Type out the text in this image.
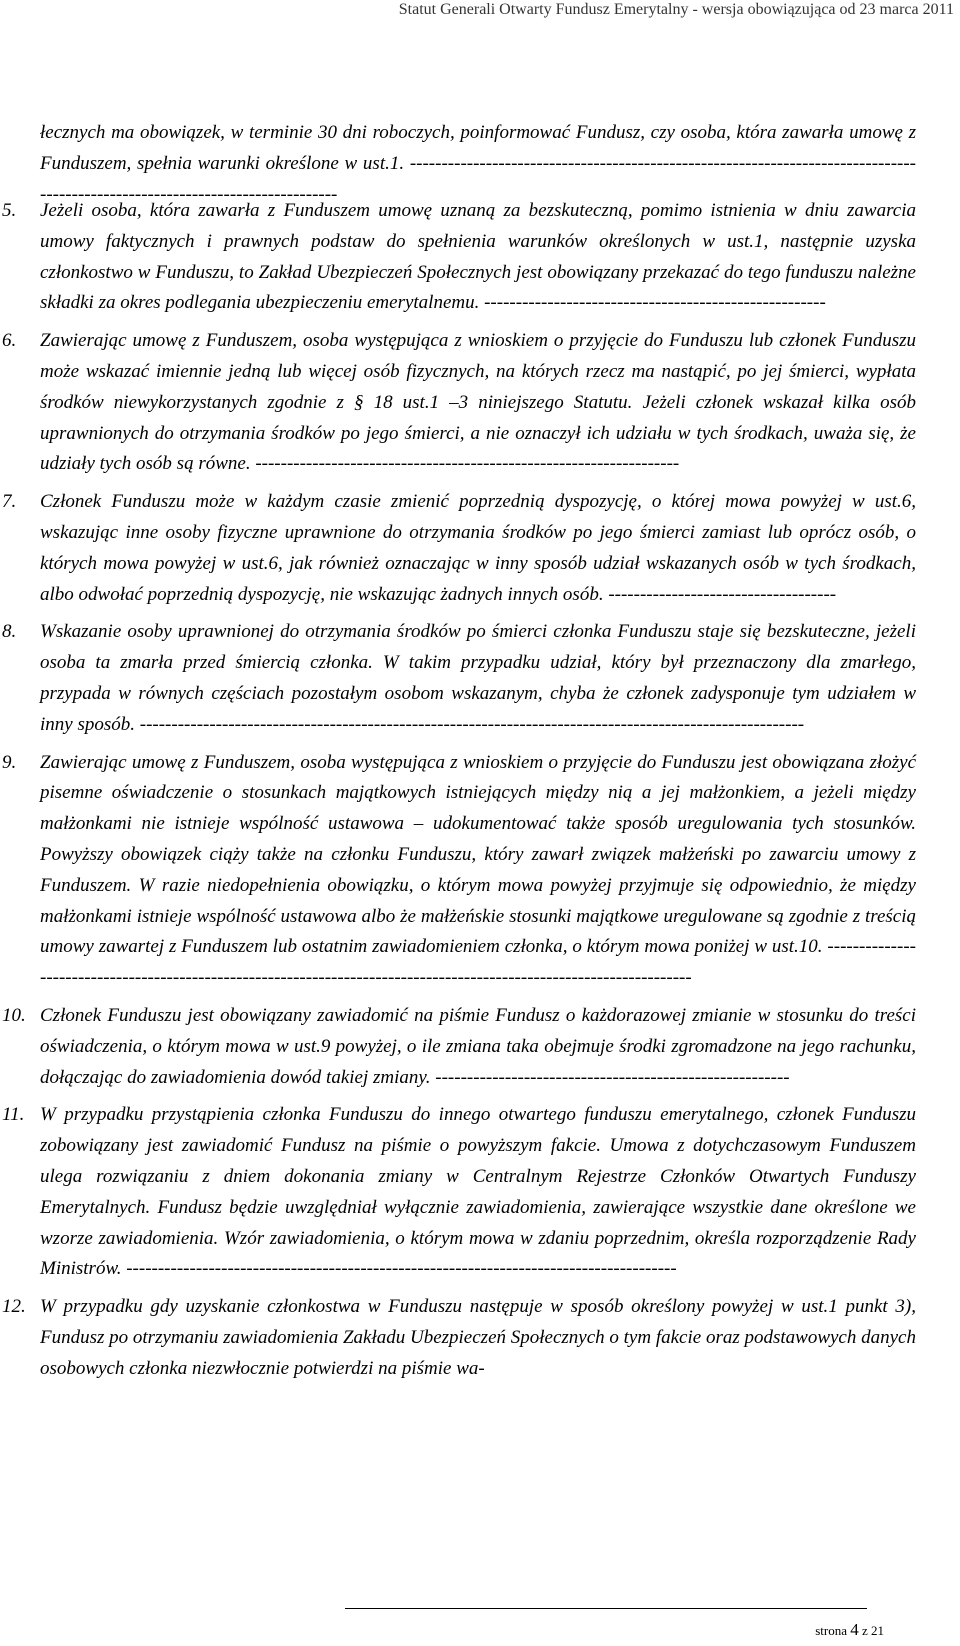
Statut Generali Otwarty Fundusz Emerytalny - wersja obowiązująca od 23 marca 2011
łecznych ma obowiązek, w terminie 30 dni roboczych, poinformować Fundusz, czy osoba, która zawarła umowę z Funduszem, spełnia warunki określone w ust.1. -------------------------------------------------------------------------------------------------------------------------------
5.	Jeżeli osoba, która zawarła z Funduszem umowę uznaną za bezskuteczną, pomimo istnienia w dniu zawarcia umowy faktycznych i prawnych podstaw do spełnienia warunków określonych w ust.1, następnie uzyska członkostwo w Funduszu, to Zakład Ubezpieczeń Społecznych jest obowiązany przekazać do tego funduszu należne składki za okres podlegania ubezpieczeniu emerytalnemu. ------------------------------------------------------
6.	Zawierając umowę z Funduszem, osoba występująca z wnioskiem o przyjęcie do Funduszu lub członek Funduszu może wskazać imiennie jedną lub więcej osób fizycznych, na których rzecz ma nastąpić, po jej śmierci, wypłata środków niewykorzystanych zgodnie z § 18 ust.1 –3 niniejszego Statutu. Jeżeli członek wskazał kilka osób uprawnionych do otrzymania środków po jego śmierci, a nie oznaczył ich udziału w tych środkach, uważa się, że udziały tych osób są równe. -------------------------------------------------------------------
7.	Członek Funduszu może w każdym czasie zmienić poprzednią dyspozycję, o której mowa powyżej w ust.6, wskazując inne osoby fizyczne uprawnione do otrzymania środków po jego śmierci zamiast lub oprócz osób, o których mowa powyżej w ust.6, jak również oznaczając w inny sposób udział wskazanych osób w tych środkach, albo odwołać poprzednią dyspozycję, nie wskazując żadnych innych osób. ------------------------------------
8.	Wskazanie osoby uprawnionej do otrzymania środków po śmierci członka Funduszu staje się bezskuteczne, jeżeli osoba ta zmarła przed śmiercią członka. W takim przypadku udział, który był przeznaczony dla zmarłego, przypada w równych częściach pozostałym osobom wskazanym, chyba że członek zadysponuje tym udziałem w inny sposób. ---------------------------------------------------------------------------------------------------------
9.	Zawierając umowę z Funduszem, osoba występująca z wnioskiem o przyjęcie do Funduszu jest obowiązana złożyć pisemne oświadczenie o stosunkach majątkowych istniejących między nią a jej małżonkiem, a jeżeli między małżonkami nie istnieje wspólność ustawowa – udokumentować także sposób uregulowania tych stosunków. Powyższy obowiązek ciąży także na członku Funduszu, który zawarł związek małżeński po zawarciu umowy z Funduszem. W razie niedopełnienia obowiązku, o którym mowa powyżej przyjmuje się odpowiednio, że między małżonkami istnieje wspólność ustawowa albo że małżeńskie stosunki majątkowe uregulowane są zgodnie z treścią umowy zawartej z Funduszem lub ostatnim zawiadomieniem członka, o którym mowa poniżej w ust.10. ---------------------------------------------------------------------------------------------------------------------
10. Członek Funduszu jest obowiązany zawiadomić na piśmie Fundusz o każdorazowej zmianie w stosunku do treści oświadczenia, o którym mowa w ust.9 powyżej, o ile zmiana taka obejmuje środki zgromadzone na jego rachunku, dołączając do zawiadomienia dowód takiej zmiany. --------------------------------------------------------
11. W przypadku przystąpienia członka Funduszu do innego otwartego funduszu emerytalnego, członek Funduszu zobowiązany jest zawiadomić Fundusz na piśmie o powyższym fakcie. Umowa z dotychczasowym Funduszem ulega rozwiązaniu z dniem dokonania zmiany w Centralnym Rejestrze Członków Otwartych Funduszy Emerytalnych. Fundusz będzie uwzględniał wyłącznie zawiadomienia, zawierające wszystkie dane określone we wzorze zawiadomienia. Wzór zawiadomienia, o którym mowa w zdaniu poprzednim, określa rozporządzenie Rady Ministrów. ---------------------------------------------------------------------------------------
12. W przypadku gdy uzyskanie członkostwa w Funduszu następuje w sposób określony powyżej w ust.1 punkt 3), Fundusz po otrzymaniu zawiadomienia Zakładu Ubezpieczeń Społecznych o tym fakcie oraz podstawowych danych osobowych członka niezwłocznie potwierdzi na piśmie wa-
strona 4 z 21
